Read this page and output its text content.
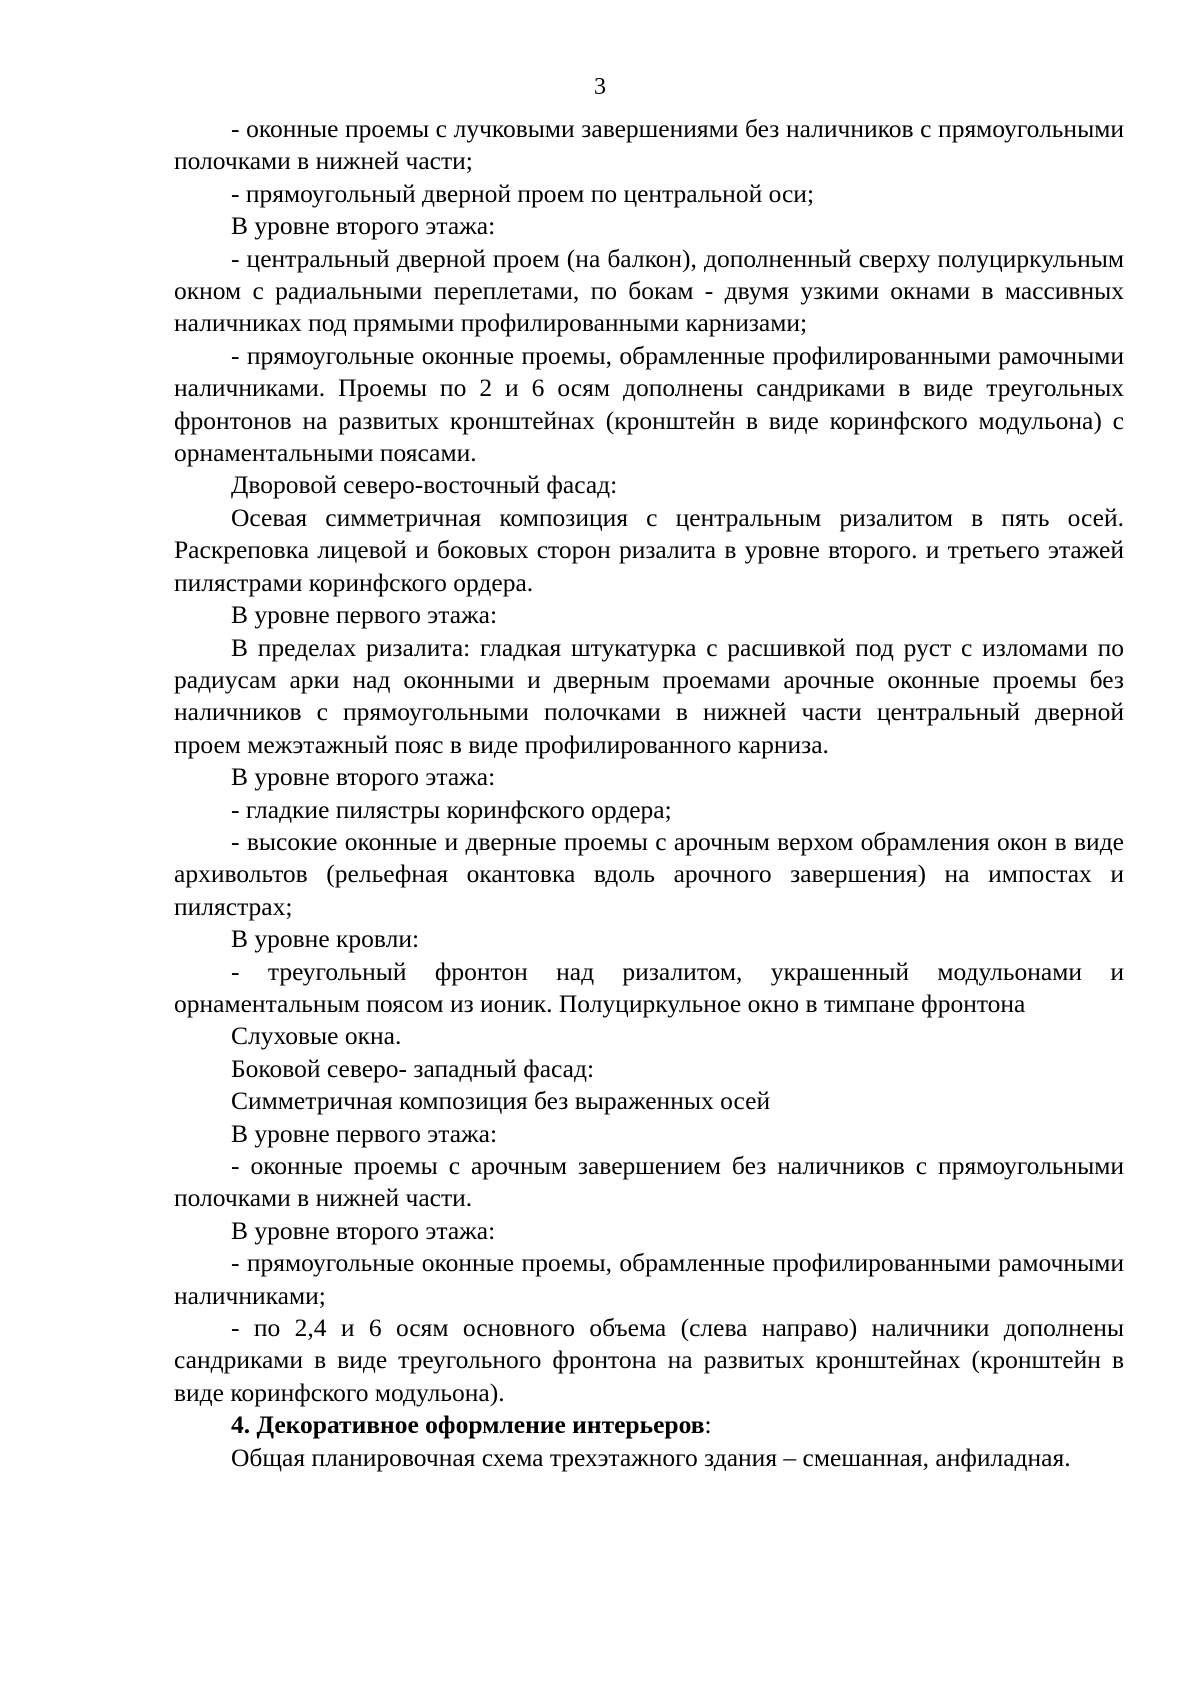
3

- оконные проемы с лучковыми завершениями без наличников с прямоугольными полочками в нижней части;

- прямоугольный дверной проем по центральной оси;

В уровне второго этажа:

- центральный дверной проем (на балкон), дополненный сверху полуциркульным окном с радиальными переплетами, по бокам - двумя узкими окнами в массивных наличниках под прямыми профилированными карнизами;

- прямоугольные оконные проемы, обрамленные профилированными рамочными наличниками. Проемы по 2 и 6 осям дополнены сандриками в виде треугольных фронтонов на развитых кронштейнах (кронштейн в виде коринфского модульона) с орнаментальными поясами.

Дворовой северо-восточный фасад:

Осевая симметричная композиция с центральным ризалитом в пять осей. Раскреповка лицевой и боковых сторон ризалита в уровне второго. и третьего этажей пилястрами коринфского ордера.

В уровне первого этажа:

В пределах ризалита: гладкая штукатурка с расшивкой под руст с изломами по радиусам арки над оконными и дверным проемами арочные оконные проемы без наличников с прямоугольными полочками в нижней части центральный дверной проем межэтажный пояс в виде профилированного карниза.

В уровне второго этажа:

- гладкие пилястры коринфского ордера;

- высокие оконные и дверные проемы с арочным верхом обрамления окон в виде архивольтов (рельефная окантовка вдоль арочного завершения) на импостах и пилястрах;

В уровне кровли:

- треугольный фронтон над ризалитом, украшенный модульонами и орнаментальным поясом из ионик. Полуциркульное окно в тимпане фронтона

Слуховые окна.

Боковой северо- западный фасад:

Симметричная композиция без выраженных осей

В уровне первого этажа:

- оконные проемы с арочным завершением без наличников с прямоугольными полочками в нижней части.

В уровне второго этажа:

- прямоугольные оконные проемы, обрамленные профилированными рамочными наличниками;

- по 2,4 и 6 осям основного объема (слева направо) наличники дополнены сандриками в виде треугольного фронтона на развитых кронштейнах (кронштейн в виде коринфского модульона).

4. Декоративное оформление интерьеров:

Общая планировочная схема трехэтажного здания – смешанная, анфиладная.
